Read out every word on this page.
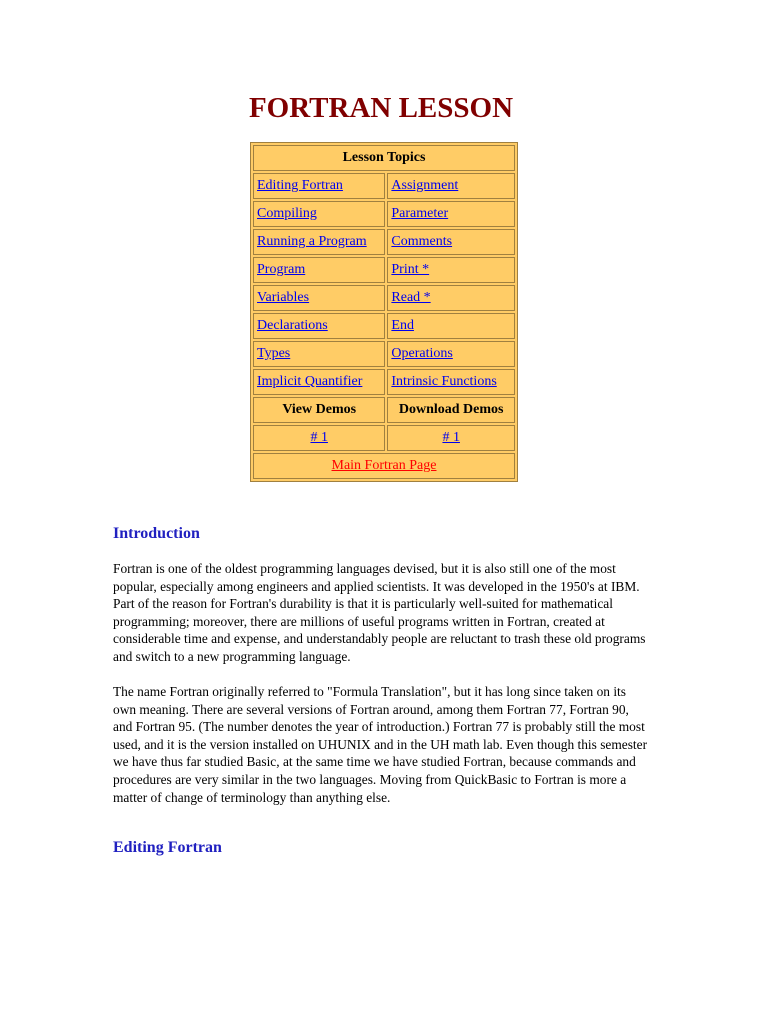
FORTRAN LESSON
Lesson Topics	
Editing Fortran	Assignment
Compiling	Parameter
Running a Program	Comments
Program	Print *
Variables	Read *
Declarations	End
Types	Operations
Implicit Quantifier	Intrinsic Functions
View Demos	Download Demos
# 1	# 1
Main Fortran Page	
Introduction

Fortran is one of the oldest programming languages devised, but it is also still one of the most popular, especially among engineers and applied scientists. It was developed in the 1950's at IBM. Part of the reason for Fortran's durability is that it is particularly well-suited for mathematical programming; moreover, there are millions of useful programs written in Fortran, created at considerable time and expense, and understandably people are reluctant to trash these old programs and switch to a new programming language.

The name Fortran originally referred to "Formula Translation", but it has long since taken on its own meaning. There are several versions of Fortran around, among them Fortran 77, Fortran 90, and Fortran 95. (The number denotes the year of introduction.) Fortran 77 is probably still the most used, and it is the version installed on UHUNIX and in the UH math lab. Even though this semester we have thus far studied Basic, at the same time we have studied Fortran, because commands and procedures are very similar in the two languages. Moving from QuickBasic to Fortran is more a matter of change of terminology than anything else.

Editing Fortran
